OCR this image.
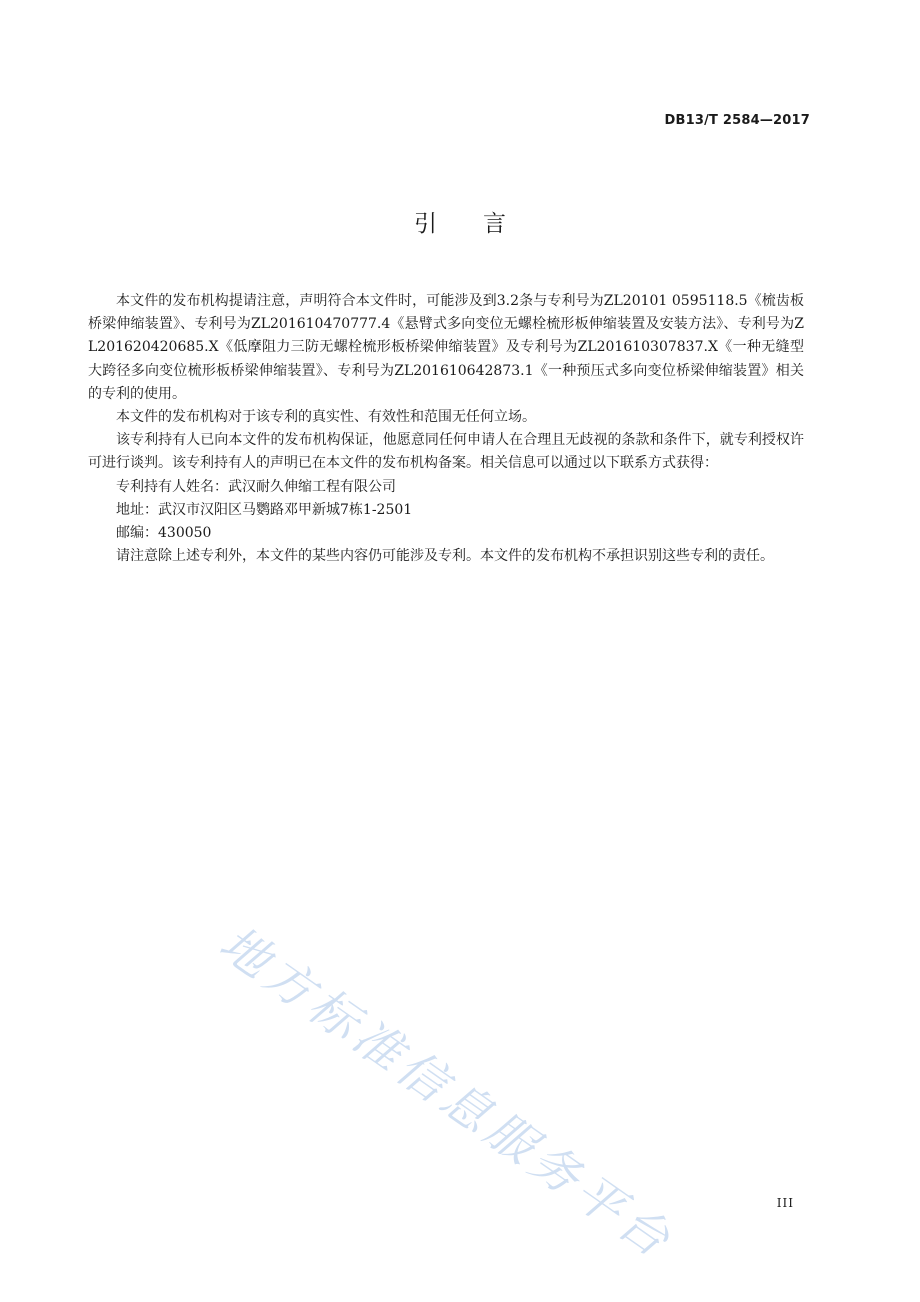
DB13/T 2584—2017
引 言

本文件的发布机构提请注意，声明符合本文件时，可能涉及到3.2条与专利号为ZL20101 0595118.5《梳齿板桥梁伸缩装置》、专利号为ZL201610470777.4《悬臂式多向变位无螺栓梳形板伸缩装置及安装方法》、专利号为ZL201620420685.X《低摩阻力三防无螺栓梳形板桥梁伸缩装置》及专利号为ZL201610307837.X《一种无缝型大跨径多向变位梳形板桥梁伸缩装置》、专利号为ZL201610642873.1《一种预压式多向变位桥梁伸缩装置》相关的专利的使用。

本文件的发布机构对于该专利的真实性、有效性和范围无任何立场。

该专利持有人已向本文件的发布机构保证，他愿意同任何申请人在合理且无歧视的条款和条件下，就专利授权许可进行谈判。该专利持有人的声明已在本文件的发布机构备案。相关信息可以通过以下联系方式获得：

专利持有人姓名：武汉耐久伸缩工程有限公司

地址：武汉市汉阳区马鹦路邓甲新城7栋1-2501

邮编：430050

请注意除上述专利外，本文件的某些内容仍可能涉及专利。本文件的发布机构不承担识别这些专利的责任。

地方标准信息服务平台	III
